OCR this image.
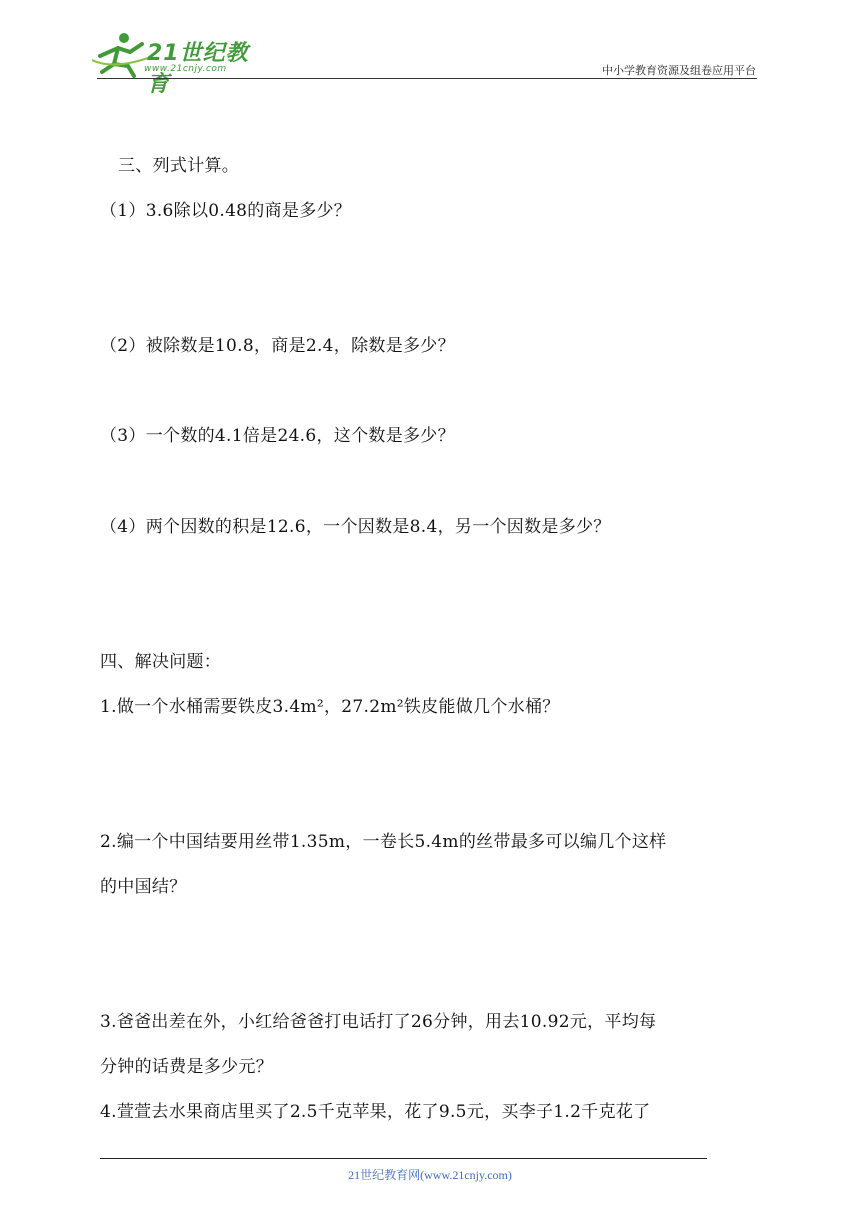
21世纪教育
www.21cnjy.com	中小学教育资源及组卷应用平台
三、列式计算。
（1）3.6除以0.48的商是多少？
（2）被除数是10.8，商是2.4，除数是多少？
（3）一个数的4.1倍是24.6，这个数是多少？
（4）两个因数的积是12.6，一个因数是8.4，另一个因数是多少？
四、解决问题：
1.做一个水桶需要铁皮3.4m²，27.2m²铁皮能做几个水桶？
2.编一个中国结要用丝带1.35m，一卷长5.4m的丝带最多可以编几个这样
的中国结？
3.爸爸出差在外，小红给爸爸打电话打了26分钟，用去10.92元，平均每
分钟的话费是多少元？
4.萱萱去水果商店里买了2.5千克苹果，花了9.5元，买李子1.2千克花了
21世纪教育网(www.21cnjy.com)
